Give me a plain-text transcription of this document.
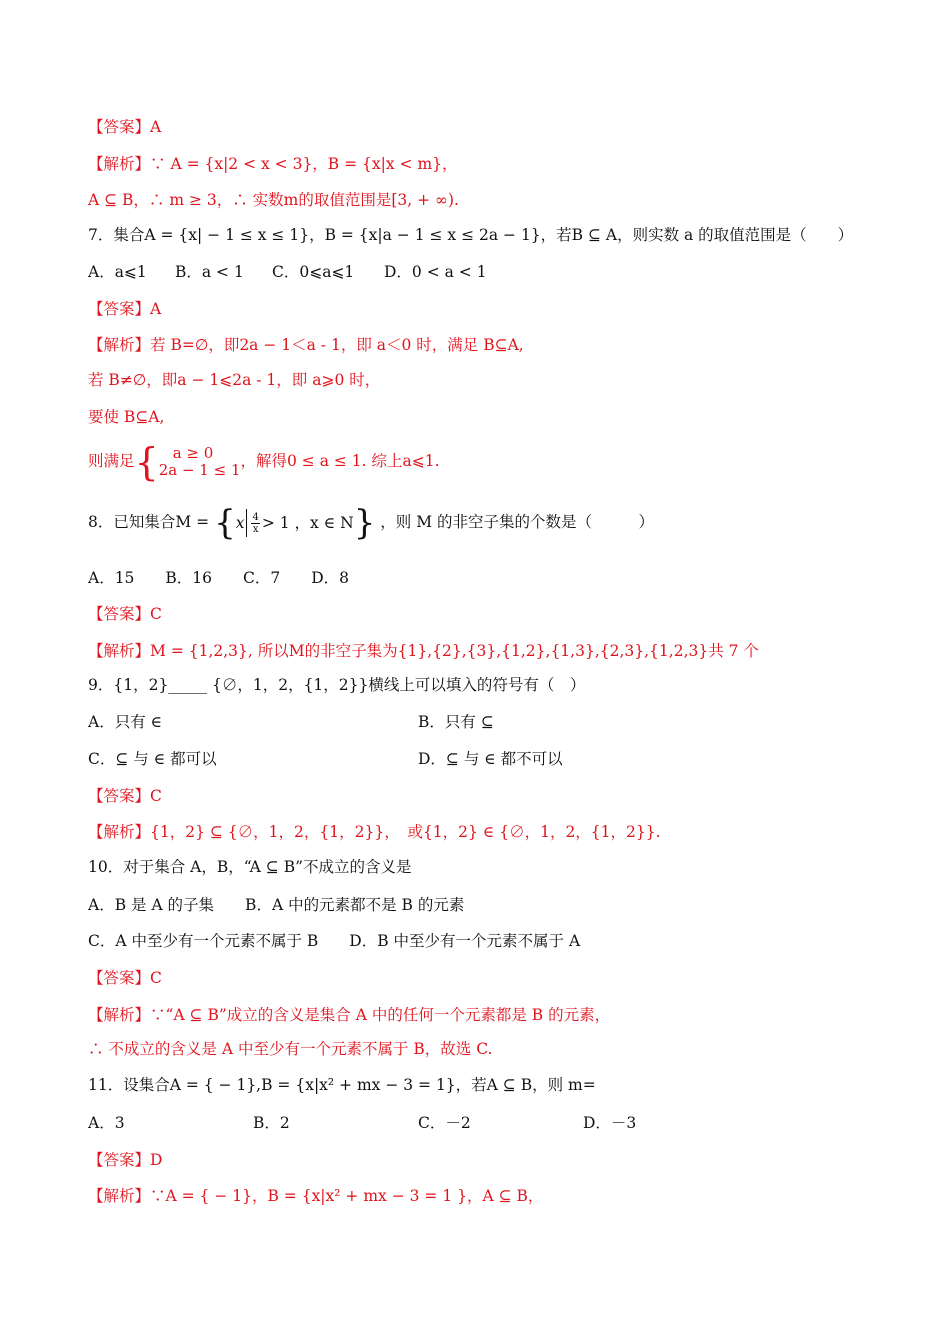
【答案】A
【解析】∵ A = {x|2 < x < 3}，B = {x|x < m}，
A ⊆ B，∴ m ≥ 3，∴ 实数m的取值范围是[3, + ∞).
7．集合A = {x| − 1 ≤ x ≤ 1}，B = {x|a − 1 ≤ x ≤ 2a − 1}，若B ⊆ A，则实数 a 的取值范围是（　　）
A．a⩽1 B．a < 1 C．0⩽a⩽1 D．0 < a < 1
【答案】A
【解析】若 B=∅，即2a − 1＜a - 1，即 a＜0 时，满足 B⊆A,
若 B≠∅，即a − 1⩽2a - 1，即 a⩾0 时，
要使 B⊆A,
则满足 { a ≥ 0
2a − 1 ≤ 1 ，解得0 ≤ a ≤ 1. 综上a⩽1.
8．已知集合M = { x $\frac{4}{x} > 1$ ，x ∈ N } ，则 M 的非空子集的个数是（　　　）
A．15　　B．16　　C．7　　D．8
【答案】C
【解析】M = {1,2,3}, 所以M的非空子集为{1},{2},{3},{1,2},{1,3},{2,3},{1,2,3}共 7 个
9．{1，2}_____ {∅，1，2，{1，2}}横线上可以填入的符号有（　）
A．只有 ∈	B．只有 ⊆
C．⊆ 与 ∈ 都可以	D．⊆ 与 ∈ 都不可以
【答案】C
【解析】{1，2} ⊆ {∅，1，2，{1，2}}，　或{1，2} ∈ {∅，1，2，{1，2}}.
10．对于集合 A，B，“A ⊆ B”不成立的含义是
A．B 是 A 的子集　　B．A 中的元素都不是 B 的元素
C．A 中至少有一个元素不属于 B　　D．B 中至少有一个元素不属于 A
【答案】C
【解析】∵“A ⊆ B”成立的含义是集合 A 中的任何一个元素都是 B 的元素，
∴ 不成立的含义是 A 中至少有一个元素不属于 B，故选 C.
11．设集合A = { − 1},B = {x|x² + mx − 3 = 1}，若A ⊆ B，则 m=
A．3	B．2	C．－2	D．－3
【答案】D
【解析】∵A = { − 1}，B = {x|x² + mx − 3 = 1 }，A ⊆ B，
